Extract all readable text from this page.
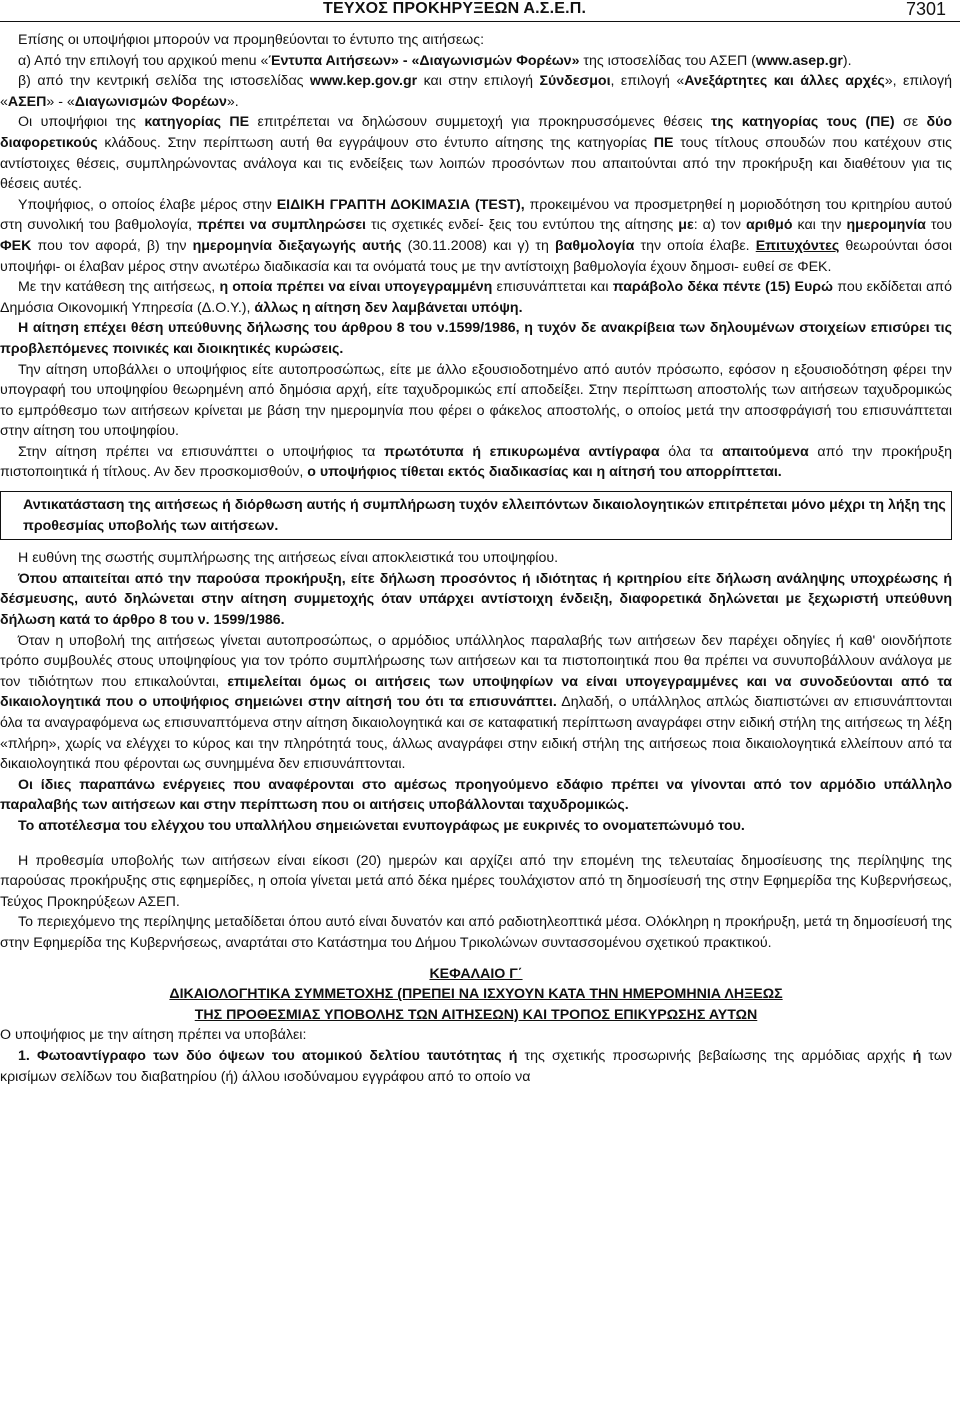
ΤΕΥΧΟΣ ΠΡΟΚΗΡΥΞΕΩΝ Α.Σ.Ε.Π.	7301

Επίσης οι υποψήφιοι μπορούν να προμηθεύονται το έντυπο της αιτήσεως:

α) Από την επιλογή του αρχικού menu «Έντυπα Αιτήσεων» - «Διαγωνισμών Φορέων» της ιστοσελίδας του ΑΣΕΠ (www.asep.gr).

β) από την κεντρική σελίδα της ιστοσελίδας www.kep.gov.gr και στην επιλογή Σύνδεσμοι, επιλογή «Ανεξάρτητες και άλλες αρχές», επιλογή «ΑΣΕΠ» - «Διαγωνισμών Φορέων».

Οι υποψήφιοι της κατηγορίας ΠΕ επιτρέπεται να δηλώσουν συμμετοχή για προκηρυσσόμενες θέσεις της κατηγορίας τους (ΠΕ) σε δύο διαφορετικούς κλάδους. Στην περίπτωση αυτή θα εγγράψουν στο έντυπο αίτησης της κατηγορίας ΠΕ τους τίτλους σπουδών που κατέχουν στις αντίστοιχες θέσεις, συμπληρώνοντας ανάλογα και τις ενδείξεις των λοιπών προσόντων που απαιτούνται από την προκήρυξη και διαθέτουν για τις θέσεις αυτές.

Υποψήφιος, ο οποίος έλαβε μέρος στην ΕΙΔΙΚΗ ΓΡΑΠΤΗ ΔΟΚΙΜΑΣΙΑ (TEST), προκειμένου να προσμετρηθεί η μοριοδότηση του κριτηρίου αυτού στη συνολική του βαθμολογία, πρέπει να συμπληρώσει τις σχετικές ενδεί- ξεις του εντύπου της αίτησης με: α) τον αριθμό και την ημερομηνία του ΦΕΚ που τον αφορά, β) την ημερομηνία διεξαγωγής αυτής (30.11.2008) και γ) τη βαθμολογία την οποία έλαβε. Επιτυχόντες θεωρούνται όσοι υποψήφι- οι έλαβαν μέρος στην ανωτέρω διαδικασία και τα ονόματά τους με την αντίστοιχη βαθμολογία έχουν δημοσι- ευθεί σε ΦΕΚ.

Με την κατάθεση της αιτήσεως, η οποία πρέπει να είναι υπογεγραμμένη επισυνάπτεται και παράβολο δέκα πέντε (15) Ευρώ που εκδίδεται από Δημόσια Οικονομική Υπηρεσία (Δ.Ο.Υ.), άλλως η αίτηση δεν λαμβάνεται υπόψη.

Η αίτηση επέχει θέση υπεύθυνης δήλωσης του άρθρου 8 του ν.1599/1986, η τυχόν δε ανακρίβεια των δηλουμένων στοιχείων επισύρει τις προβλεπόμενες ποινικές και διοικητικές κυρώσεις.

Την αίτηση υποβάλλει ο υποψήφιος είτε αυτοπροσώπως, είτε με άλλο εξουσιοδοτημένο από αυτόν πρόσωπο, εφόσον η εξουσιοδότηση φέρει την υπογραφή του υποψηφίου θεωρημένη από δημόσια αρχή, είτε ταχυδρομικώς επί αποδείξει. Στην περίπτωση αποστολής των αιτήσεων ταχυδρομικώς το εμπρόθεσμο των αιτήσεων κρίνεται με βάση την ημερομηνία που φέρει ο φάκελος αποστολής, ο οποίος μετά την αποσφράγισή του επισυνάπτεται στην αίτηση του υποψηφίου.

Στην αίτηση πρέπει να επισυνάπτει ο υποψήφιος τα πρωτότυπα ή επικυρωμένα αντίγραφα όλα τα απαιτούμενα από την προκήρυξη πιστοποιητικά ή τίτλους. Αν δεν προσκομισθούν, ο υποψήφιος τίθεται εκτός διαδικασίας και η αίτησή του απορρίπτεται.

Αντικατάσταση της αιτήσεως ή διόρθωση αυτής ή συμπλήρωση τυχόν ελλειπόντων δικαιολογητικών επιτρέπεται μόνο μέχρι τη λήξη της προθεσμίας υποβολής των αιτήσεων.

Η ευθύνη της σωστής συμπλήρωσης της αιτήσεως είναι αποκλειστικά του υποψηφίου.

Όπου απαιτείται από την παρούσα προκήρυξη, είτε δήλωση προσόντος ή ιδιότητας ή κριτηρίου είτε δήλωση ανάληψης υποχρέωσης ή δέσμευσης, αυτό δηλώνεται στην αίτηση συμμετοχής όταν υπάρχει αντίστοιχη ένδειξη, διαφορετικά δηλώνεται με ξεχωριστή υπεύθυνη δήλωση κατά το άρθρο 8 του ν. 1599/1986.

Όταν η υποβολή της αιτήσεως γίνεται αυτοπροσώπως, ο αρμόδιος υπάλληλος παραλαβής των αιτήσεων δεν παρέχει οδηγίες ή καθ' οιονδήποτε τρόπο συμβουλές στους υποψηφίους για τον τρόπο συμπλήρωσης των αιτήσεων και τα πιστοποιητικά που θα πρέπει να συνυποβάλλουν ανάλογα με τον τιδιότητων που επικαλούνται, επιμελείται όμως οι αιτήσεις των υποψηφίων να είναι υπογεγραμμένες και να συνοδεύονται από τα δικαιολογητικά που ο υποψήφιος σημειώνει στην αίτησή του ότι τα επισυνάπτει. Δηλαδή, ο υπάλληλος απλώς διαπιστώνει αν επισυνάπτονται όλα τα αναγραφόμενα ως επισυναπτόμενα στην αίτηση δικαιολογητικά και σε καταφατική περίπτωση αναγράφει στην ειδική στήλη της αιτήσεως τη λέξη «πλήρη», χωρίς να ελέγχει το κύρος και την πληρότητά τους, άλλως αναγράφει στην ειδική στήλη της αιτήσεως ποια δικαιολογητικά ελλείπουν από τα δικαιολογητικά που φέρονται ως συνημμένα δεν επισυνάπτονται.

Οι ίδιες παραπάνω ενέργειες που αναφέρονται στο αμέσως προηγούμενο εδάφιο πρέπει να γίνονται από τον αρμόδιο υπάλληλο παραλαβής των αιτήσεων και στην περίπτωση που οι αιτήσεις υποβάλλονται ταχυδρομικώς.

Το αποτέλεσμα του ελέγχου του υπαλλήλου σημειώνεται ενυπογράφως με ευκρινές το ονοματεπώνυμό του.

Η προθεσμία υποβολής των αιτήσεων είναι είκοσι (20) ημερών και αρχίζει από την επομένη της τελευταίας δημοσίευσης της περίληψης της παρούσας προκήρυξης στις εφημερίδες, η οποία γίνεται μετά από δέκα ημέρες τουλάχιστον από τη δημοσίευσή της στην Εφημερίδα της Κυβερνήσεως, Τεύχος Προκηρύξεων ΑΣΕΠ.

Το περιεχόμενο της περίληψης μεταδίδεται όπου αυτό είναι δυνατόν και από ραδιοτηλεοπτικά μέσα. Ολόκληρη η προκήρυξη, μετά τη δημοσίευσή της στην Εφημερίδα της Κυβερνήσεως, αναρτάται στο Κατάστημα του Δήμου Τρικολώνων συντασσομένου σχετικού πρακτικού.

ΚΕΦΑΛΑΙΟ Γ΄
ΔΙΚΑΙΟΛΟΓΗΤΙΚΑ ΣΥΜΜΕΤΟΧΗΣ (ΠΡΕΠΕΙ ΝΑ ΙΣΧΥΟΥΝ ΚΑΤΑ ΤΗΝ ΗΜΕΡΟΜΗΝΙΑ ΛΗΞΕΩΣ
ΤΗΣ ΠΡΟΘΕΣΜΙΑΣ ΥΠΟΒΟΛΗΣ ΤΩΝ ΑΙΤΗΣΕΩΝ) ΚΑΙ ΤΡΟΠΟΣ ΕΠΙΚΥΡΩΣΗΣ ΑΥΤΩΝ

Ο υποψήφιος με την αίτηση πρέπει να υποβάλει:

1. Φωτοαντίγραφο των δύο όψεων του ατομικού δελτίου ταυτότητας ή της σχετικής προσωρινής βεβαίωσης της αρμόδιας αρχής ή των κρισίμων σελίδων του διαβατηρίου (ή) άλλου ισοδύναμου εγγράφου από το οποίο να
